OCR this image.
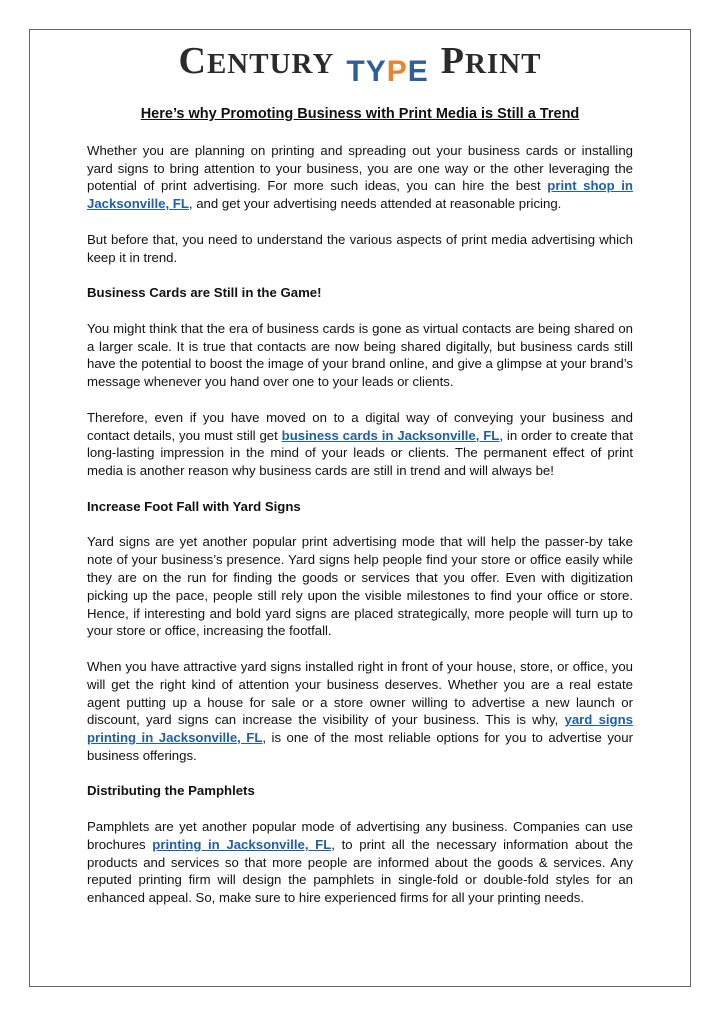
CENTURY TYPE PRINT
Here’s why Promoting Business with Print Media is Still a Trend

Whether you are planning on printing and spreading out your business cards or installing yard signs to bring attention to your business, you are one way or the other leveraging the potential of print advertising. For more such ideas, you can hire the best print shop in Jacksonville, FL, and get your advertising needs attended at reasonable pricing.

But before that, you need to understand the various aspects of print media advertising which keep it in trend.

Business Cards are Still in the Game!

You might think that the era of business cards is gone as virtual contacts are being shared on a larger scale. It is true that contacts are now being shared digitally, but business cards still have the potential to boost the image of your brand online, and give a glimpse at your brand’s message whenever you hand over one to your leads or clients.

Therefore, even if you have moved on to a digital way of conveying your business and contact details, you must still get business cards in Jacksonville, FL, in order to create that long-lasting impression in the mind of your leads or clients. The permanent effect of print media is another reason why business cards are still in trend and will always be!

Increase Foot Fall with Yard Signs

Yard signs are yet another popular print advertising mode that will help the passer-by take note of your business’s presence. Yard signs help people find your store or office easily while they are on the run for finding the goods or services that you offer. Even with digitization picking up the pace, people still rely upon the visible milestones to find your office or store. Hence, if interesting and bold yard signs are placed strategically, more people will turn up to your store or office, increasing the footfall.

When you have attractive yard signs installed right in front of your house, store, or office, you will get the right kind of attention your business deserves. Whether you are a real estate agent putting up a house for sale or a store owner willing to advertise a new launch or discount, yard signs can increase the visibility of your business. This is why, yard signs printing in Jacksonville, FL, is one of the most reliable options for you to advertise your business offerings.

Distributing the Pamphlets

Pamphlets are yet another popular mode of advertising any business. Companies can use brochures printing in Jacksonville, FL, to print all the necessary information about the products and services so that more people are informed about the goods & services. Any reputed printing firm will design the pamphlets in single-fold or double-fold styles for an enhanced appeal. So, make sure to hire experienced firms for all your printing needs.
